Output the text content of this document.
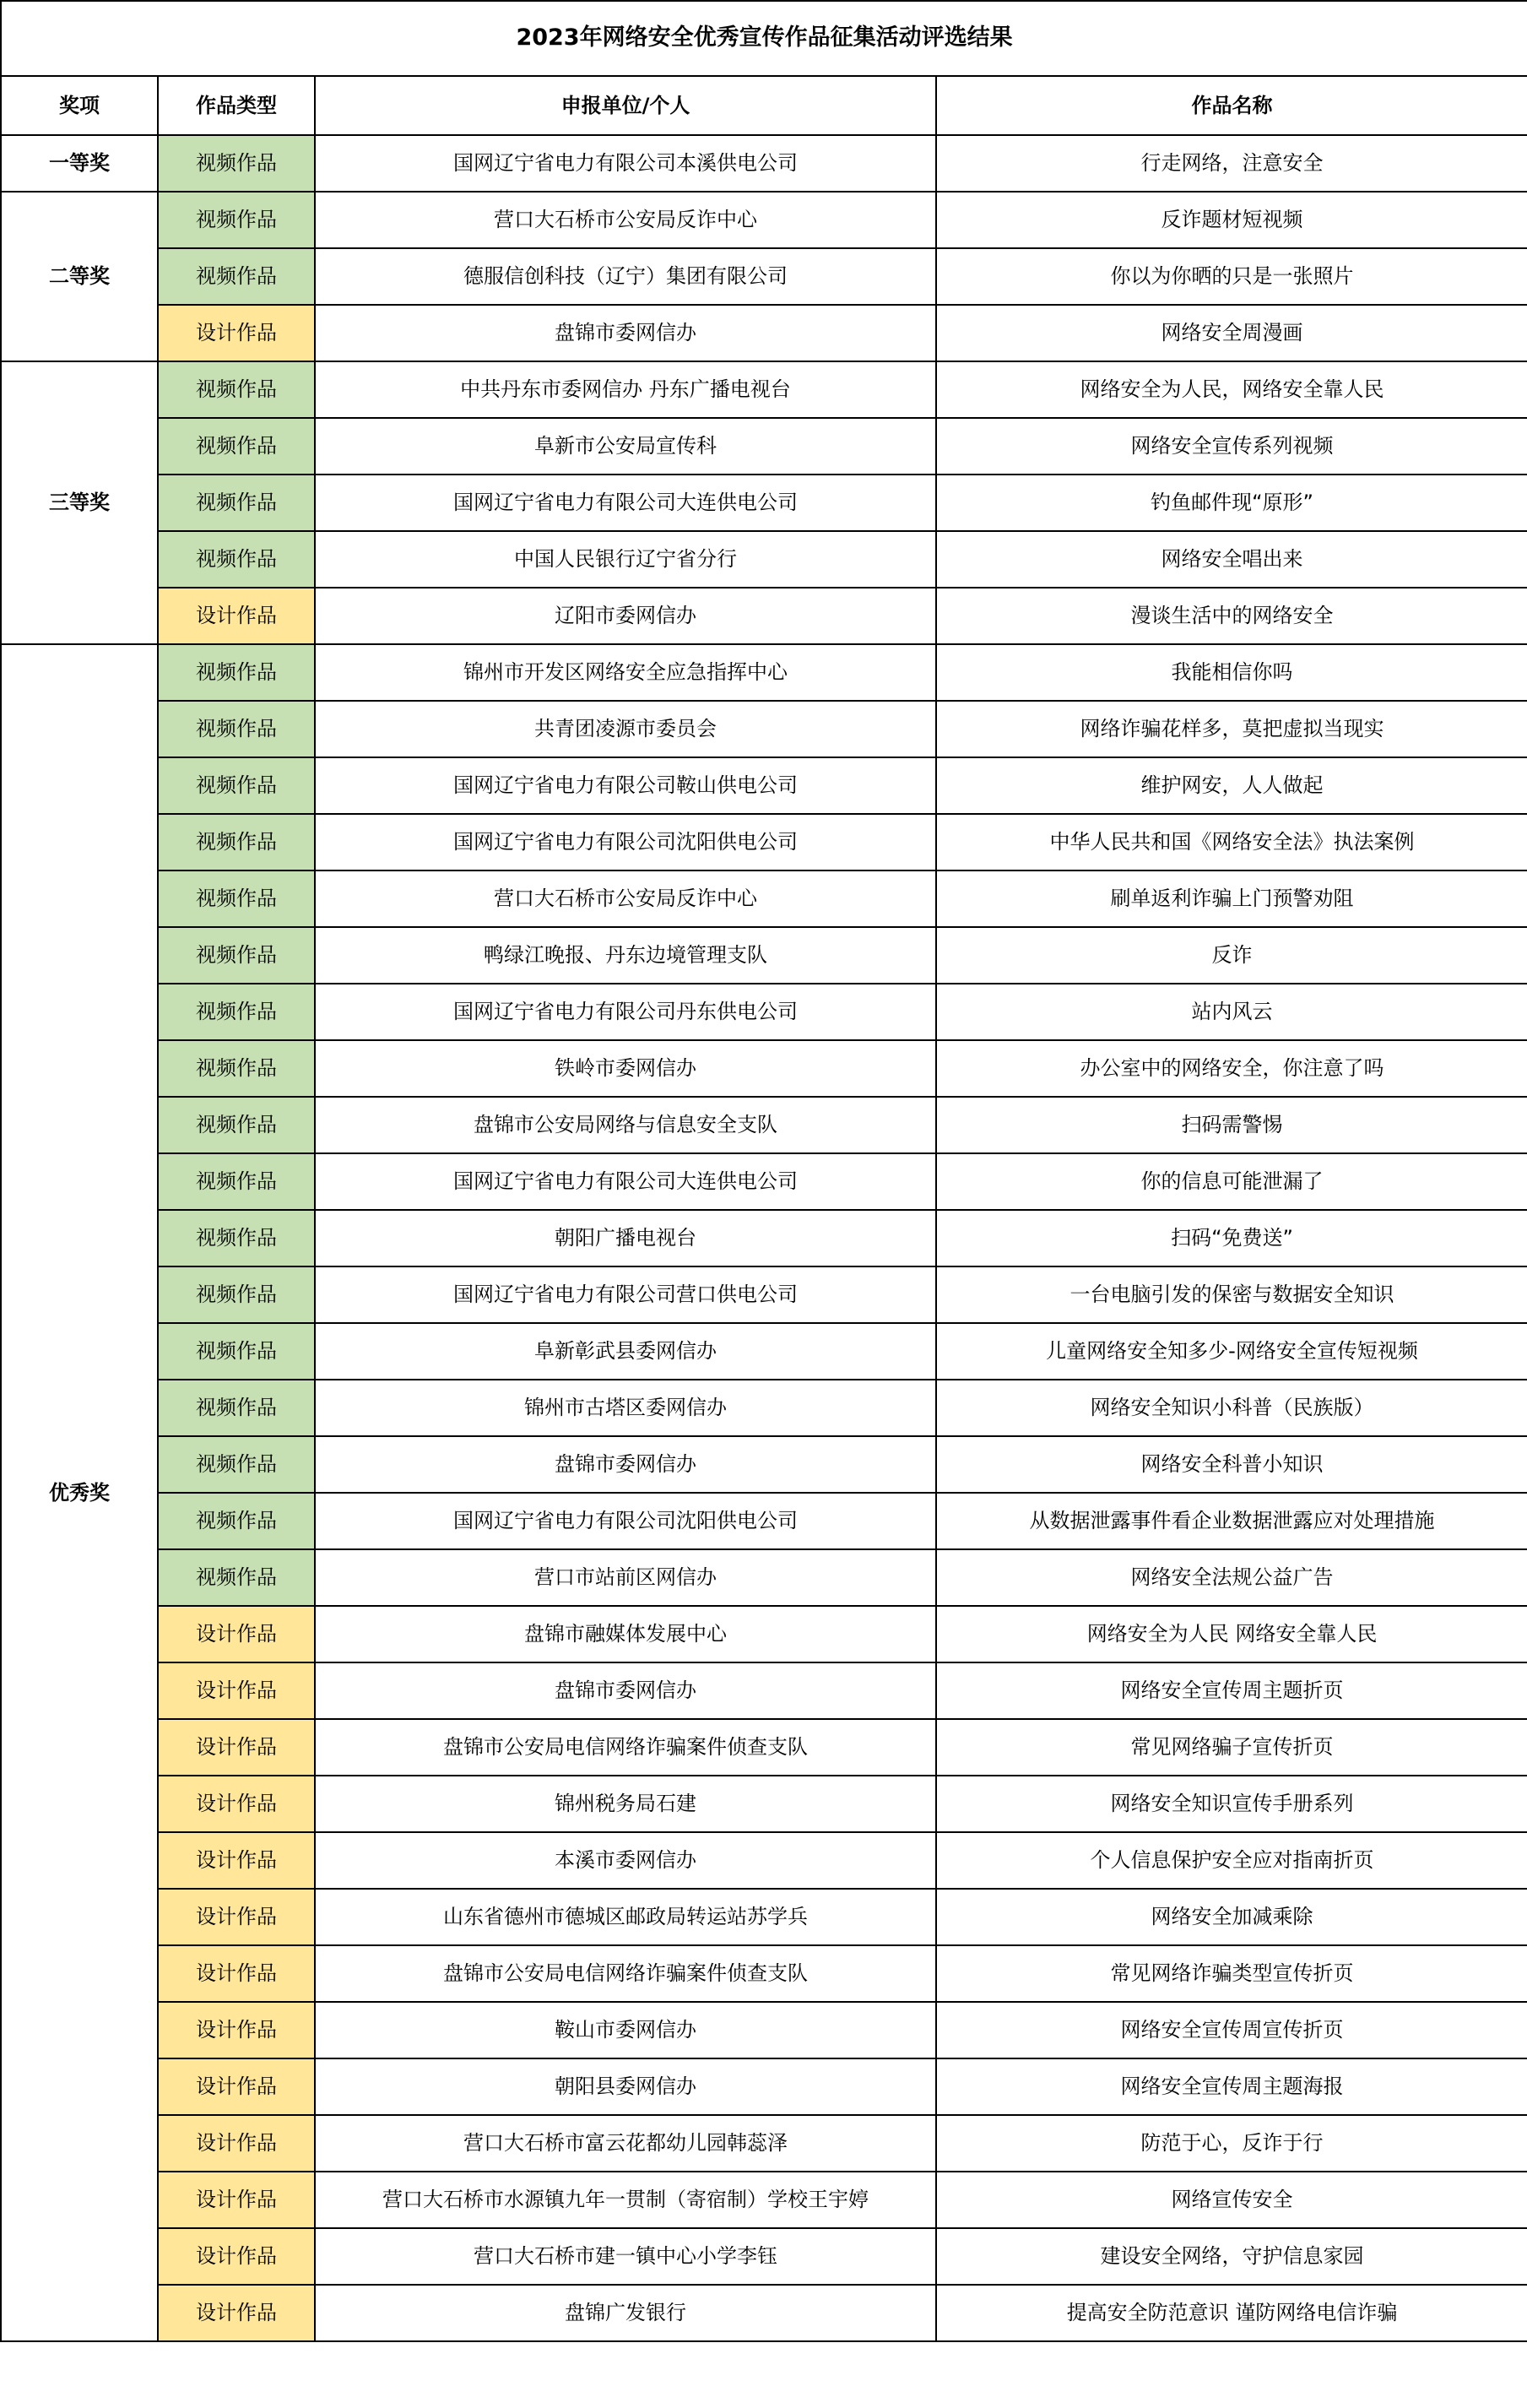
2023年网络安全优秀宣传作品征集活动评选结果			
奖项	作品类型	申报单位/个人	作品名称
一等奖	视频作品	国网辽宁省电力有限公司本溪供电公司	行走网络，注意安全
二等奖	视频作品	营口大石桥市公安局反诈中心	反诈题材短视频
	视频作品	德服信创科技（辽宁）集团有限公司	你以为你晒的只是一张照片
	设计作品	盘锦市委网信办	网络安全周漫画
三等奖	视频作品	中共丹东市委网信办 丹东广播电视台	网络安全为人民，网络安全靠人民
	视频作品	阜新市公安局宣传科	网络安全宣传系列视频
	视频作品	国网辽宁省电力有限公司大连供电公司	钓鱼邮件现“原形”
	视频作品	中国人民银行辽宁省分行	网络安全唱出来
	设计作品	辽阳市委网信办	漫谈生活中的网络安全
优秀奖	视频作品	锦州市开发区网络安全应急指挥中心	我能相信你吗
	视频作品	共青团凌源市委员会	网络诈骗花样多，莫把虚拟当现实
	视频作品	国网辽宁省电力有限公司鞍山供电公司	维护网安，人人做起
	视频作品	国网辽宁省电力有限公司沈阳供电公司	中华人民共和国《网络安全法》执法案例
	视频作品	营口大石桥市公安局反诈中心	刷单返利诈骗上门预警劝阻
	视频作品	鸭绿江晚报、丹东边境管理支队	反诈
	视频作品	国网辽宁省电力有限公司丹东供电公司	站内风云
	视频作品	铁岭市委网信办	办公室中的网络安全，你注意了吗
	视频作品	盘锦市公安局网络与信息安全支队	扫码需警惕
	视频作品	国网辽宁省电力有限公司大连供电公司	你的信息可能泄漏了
	视频作品	朝阳广播电视台	扫码“免费送”
	视频作品	国网辽宁省电力有限公司营口供电公司	一台电脑引发的保密与数据安全知识
	视频作品	阜新彰武县委网信办	儿童网络安全知多少-网络安全宣传短视频
	视频作品	锦州市古塔区委网信办	网络安全知识小科普（民族版）
	视频作品	盘锦市委网信办	网络安全科普小知识
	视频作品	国网辽宁省电力有限公司沈阳供电公司	从数据泄露事件看企业数据泄露应对处理措施
	视频作品	营口市站前区网信办	网络安全法规公益广告
	设计作品	盘锦市融媒体发展中心	网络安全为人民 网络安全靠人民
	设计作品	盘锦市委网信办	网络安全宣传周主题折页
	设计作品	盘锦市公安局电信网络诈骗案件侦查支队	常见网络骗子宣传折页
	设计作品	锦州税务局石建	网络安全知识宣传手册系列
	设计作品	本溪市委网信办	个人信息保护安全应对指南折页
	设计作品	山东省德州市德城区邮政局转运站苏学兵	网络安全加减乘除
	设计作品	盘锦市公安局电信网络诈骗案件侦查支队	常见网络诈骗类型宣传折页
	设计作品	鞍山市委网信办	网络安全宣传周宣传折页
	设计作品	朝阳县委网信办	网络安全宣传周主题海报
	设计作品	营口大石桥市富云花都幼儿园韩蕊泽	防范于心，反诈于行
	设计作品	营口大石桥市水源镇九年一贯制（寄宿制）学校王宇婷	网络宣传安全
	设计作品	营口大石桥市建一镇中心小学李钰	建设安全网络，守护信息家园
	设计作品	盘锦广发银行	提高安全防范意识 谨防网络电信诈骗
